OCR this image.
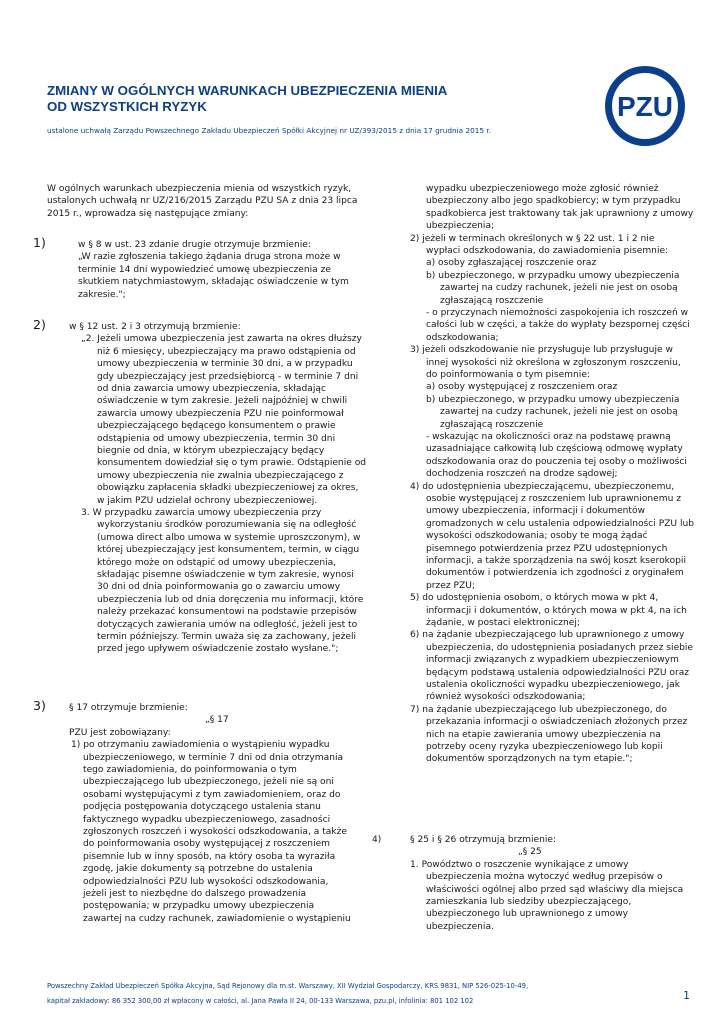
ZMIANY W OGÓLNYCH WARUNKACH UBEZPIECZENIA MIENIA
OD WSZYSTKICH RYZYK
ustalone uchwałą Zarządu Powszechnego Zakładu Ubezpieczeń Spółki Akcyjnej nr UZ/393/2015 z dnia 17 grudnia 2015 r.
PZU
W ogólnych warunkach ubezpieczenia mienia od wszystkich ryzyk,
ustalonych uchwałą nr UZ/216/2015 Zarządu PZU SA z dnia 23 lipca
2015 r., wprowadza się następujące zmiany:
1)	w § 8 w ust. 23 zdanie drugie otrzymuje brzmienie:
„W razie zgłoszenia takiego żądania druga strona może w
terminie 14 dni wypowiedzieć umowę ubezpieczenia ze
skutkiem natychmiastowym, składając oświadczenie w tym
zakresie.";
2)	w § 12 ust. 2 i 3 otrzymują brzmienie:
„2. Jeżeli umowa ubezpieczenia jest zawarta na okres dłuższy
niż 6 miesięcy, ubezpieczający ma prawo odstąpienia od
umowy ubezpieczenia w terminie 30 dni, a w przypadku
gdy ubezpieczający jest przedsiębiorcą - w terminie 7 dni
od dnia zawarcia umowy ubezpieczenia, składając
oświadczenie w tym zakresie. Jeżeli najpóźniej w chwili
zawarcia umowy ubezpieczenia PZU nie poinformował
ubezpieczającego będącego konsumentem o prawie
odstąpienia od umowy ubezpieczenia, termin 30 dni
biegnie od dnia, w którym ubezpieczający będący
konsumentem dowiedział się o tym prawie. Odstąpienie od
umowy ubezpieczenia nie zwalnia ubezpieczającego z
obowiązku zapłacenia składki ubezpieczeniowej za okres,
w jakim PZU udzielał ochrony ubezpieczeniowej.
3. W przypadku zawarcia umowy ubezpieczenia przy
wykorzystaniu środków porozumiewania się na odległość
(umowa direct albo umowa w systemie uproszczonym), w
której ubezpieczający jest konsumentem, termin, w ciągu
którego może on odstąpić od umowy ubezpieczenia,
składając pisemne oświadczenie w tym zakresie, wynosi
30 dni od dnia poinformowania go o zawarciu umowy
ubezpieczenia lub od dnia doręczenia mu informacji, które
należy przekazać konsumentowi na podstawie przepisów
dotyczących zawierania umów na odległość, jeżeli jest to
termin późniejszy. Termin uważa się za zachowany, jeżeli
przed jego upływem oświadczenie zostało wysłane.";
3)	§ 17 otrzymuje brzmienie:
„§ 17
PZU jest zobowiązany:
1) po otrzymaniu zawiadomienia o wystąpieniu wypadku
ubezpieczeniowego, w terminie 7 dni od dnia otrzymania
tego zawiadomienia, do poinformowania o tym
ubezpieczającego lub ubezpieczonego, jeżeli nie są oni
osobami występującymi z tym zawiadomieniem, oraz do
podjęcia postępowania dotyczącego ustalenia stanu
faktycznego wypadku ubezpieczeniowego, zasadności
zgłoszonych roszczeń i wysokości odszkodowania, a także
do poinformowania osoby występującej z roszczeniem
pisemnie lub w inny sposób, na który osoba ta wyraziła
zgodę, jakie dokumenty są potrzebne do ustalenia
odpowiedzialności PZU lub wysokości odszkodowania,
jeżeli jest to niezbędne do dalszego prowadzenia
postępowania; w przypadku umowy ubezpieczenia
zawartej na cudzy rachunek, zawiadomienie o wystąpieniu
wypadku ubezpieczeniowego może zgłosić również
ubezpieczony albo jego spadkobiercy; w tym przypadku
spadkobierca jest traktowany tak jak uprawniony z umowy
ubezpieczenia;
2) jeżeli w terminach określonych w § 22 ust. 1 i 2 nie
wypłaci odszkodowania, do zawiadomienia pisemnie:
a) osoby zgłaszającej roszczenie oraz
b) ubezpieczonego, w przypadku umowy ubezpieczenia
zawartej na cudzy rachunek, jeżeli nie jest on osobą
zgłaszającą roszczenie
- o przyczynach niemożności zaspokojenia ich roszczeń w
całości lub w części, a także do wypłaty bezspornej części
odszkodowania;
3) jeżeli odszkodowanie nie przysługuje lub przysługuje w
innej wysokości niż określona w zgłoszonym roszczeniu,
do poinformowania o tym pisemnie:
a) osoby występującej z roszczeniem oraz
b) ubezpieczonego, w przypadku umowy ubezpieczenia
zawartej na cudzy rachunek, jeżeli nie jest on osobą
zgłaszającą roszczenie
- wskazując na okoliczności oraz na podstawę prawną
uzasadniające całkowitą lub częściową odmowę wypłaty
odszkodowania oraz do pouczenia tej osoby o możliwości
dochodzenia roszczeń na drodze sądowej;
4) do udostępnienia ubezpieczającemu, ubezpieczonemu,
osobie występującej z roszczeniem lub uprawnionemu z
umowy ubezpieczenia, informacji i dokumentów
gromadzonych w celu ustalenia odpowiedzialności PZU lub
wysokości odszkodowania; osoby te mogą żądać
pisemnego potwierdzenia przez PZU udostępnionych
informacji, a także sporządzenia na swój koszt kserokopii
dokumentów i potwierdzenia ich zgodności z oryginałem
przez PZU;
5) do udostępnienia osobom, o których mowa w pkt 4,
informacji i dokumentów, o których mowa w pkt 4, na ich
żądanie, w postaci elektronicznej;
6) na żądanie ubezpieczającego lub uprawnionego z umowy
ubezpieczenia, do udostępnienia posiadanych przez siebie
informacji związanych z wypadkiem ubezpieczeniowym
będącym podstawą ustalenia odpowiedzialności PZU oraz
ustalenia okoliczności wypadku ubezpieczeniowego, jak
również wysokości odszkodowania;
7) na żądanie ubezpieczającego lub ubezpieczonego, do
przekazania informacji o oświadczeniach złożonych przez
nich na etapie zawierania umowy ubezpieczenia na
potrzeby oceny ryzyka ubezpieczeniowego lub kopii
dokumentów sporządzonych na tym etapie.";
4)	§ 25 i § 26 otrzymują brzmienie:
„§ 25
1. Powództwo o roszczenie wynikające z umowy
ubezpieczenia można wytoczyć według przepisów o
właściwości ogólnej albo przed sąd właściwy dla miejsca
zamieszkania lub siedziby ubezpieczającego,
ubezpieczonego lub uprawnionego z umowy
ubezpieczenia.
Powszechny Zakład Ubezpieczeń Spółka Akcyjna, Sąd Rejonowy dla m.st. Warszawy, XII Wydział Gospodarczy, KRS 9831, NIP 526-025-10-49,
kapitał zakładowy: 86 352 300,00 zł wpłacony w całości, al. Jana Pawła II 24, 00-133 Warszawa, pzu.pl, infolinia: 801 102 102	1
